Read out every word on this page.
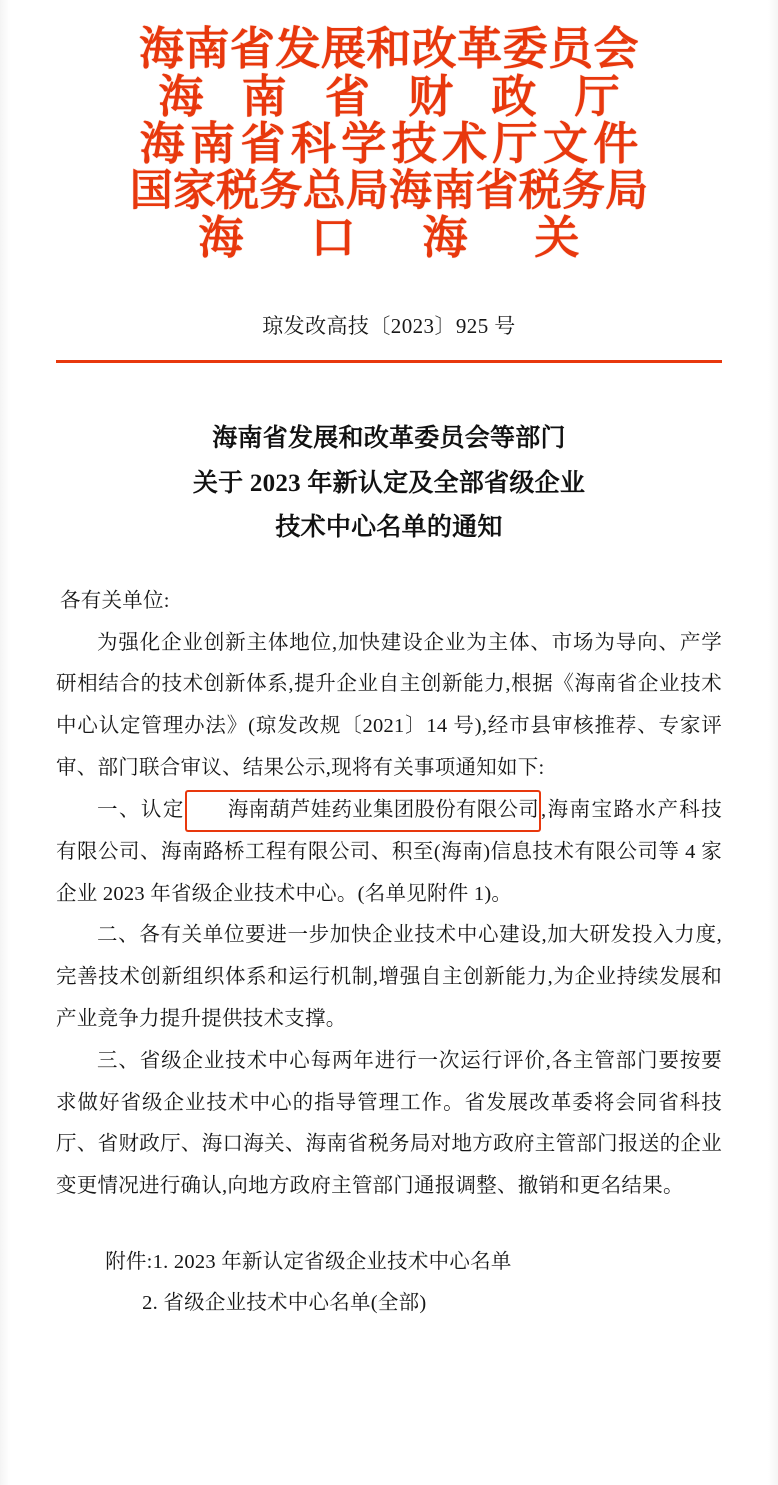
海南省发展和改革委员会
海 南 省 财 政 厅
海南省科学技术厅文件
国家税务总局海南省税务局
海 口 海 关
琼发改高技〔2023〕925 号
海南省发展和改革委员会等部门
关于 2023 年新认定及全部省级企业
技术中心名单的通知

各有关单位:

为强化企业创新主体地位,加快建设企业为主体、市场为导向、产学研相结合的技术创新体系,提升企业自主创新能力,根据《海南省企业技术中心认定管理办法》(琼发改规〔2021〕14 号),经市县审核推荐、专家评审、部门联合审议、结果公示,现将有关事项通知如下:

一、认定 海南葫芦娃药业集团股份有限公司,海南宝路水产科技有限公司、海南路桥工程有限公司、积至(海南)信息技术有限公司等 4 家企业 2023 年省级企业技术中心。(名单见附件 1)。

二、各有关单位要进一步加快企业技术中心建设,加大研发投入力度,完善技术创新组织体系和运行机制,增强自主创新能力,为企业持续发展和产业竞争力提升提供技术支撑。

三、省级企业技术中心每两年进行一次运行评价,各主管部门要按要求做好省级企业技术中心的指导管理工作。省发展改革委将会同省科技厅、省财政厅、海口海关、海南省税务局对地方政府主管部门报送的企业变更情况进行确认,向地方政府主管部门通报调整、撤销和更名结果。

附件:1. 2023 年新认定省级企业技术中心名单
2. 省级企业技术中心名单(全部)
